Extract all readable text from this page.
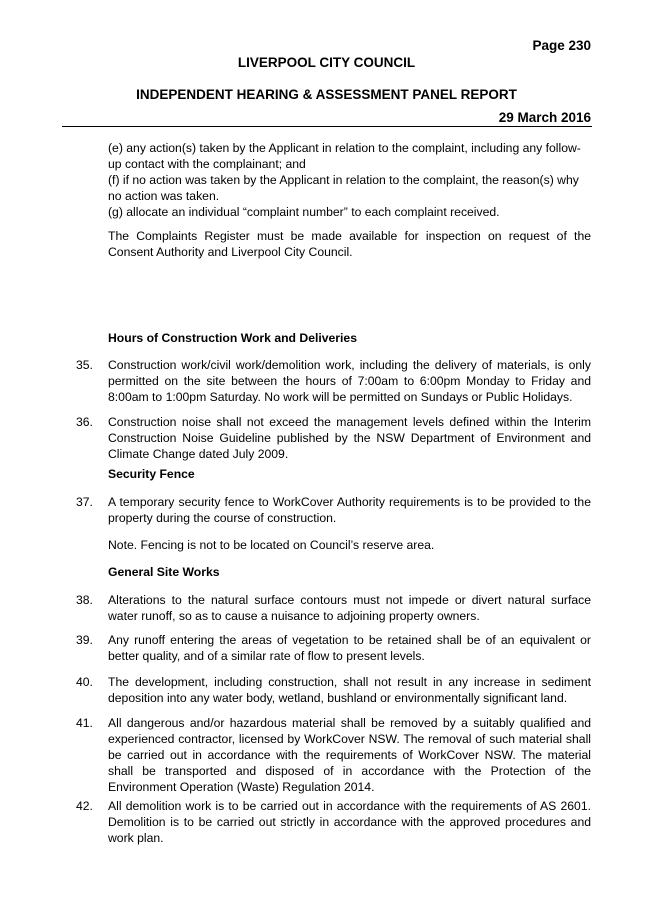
Page 230
LIVERPOOL CITY COUNCIL
INDEPENDENT HEARING & ASSESSMENT PANEL REPORT
29 March 2016
(e) any action(s) taken by the Applicant in relation to the complaint, including any follow-up contact with the complainant; and
(f) if no action was taken by the Applicant in relation to the complaint, the reason(s) why no action was taken.
(g) allocate an individual “complaint number” to each complaint received.
The Complaints Register must be made available for inspection on request of the Consent Authority and Liverpool City Council.
Hours of Construction Work and Deliveries
35. Construction work/civil work/demolition work, including the delivery of materials, is only permitted on the site between the hours of 7:00am to 6:00pm Monday to Friday and 8:00am to 1:00pm Saturday. No work will be permitted on Sundays or Public Holidays.
36. Construction noise shall not exceed the management levels defined within the Interim Construction Noise Guideline published by the NSW Department of Environment and Climate Change dated July 2009.
Security Fence
37. A temporary security fence to WorkCover Authority requirements is to be provided to the property during the course of construction.
Note. Fencing is not to be located on Council’s reserve area.
General Site Works
38. Alterations to the natural surface contours must not impede or divert natural surface water runoff, so as to cause a nuisance to adjoining property owners.
39. Any runoff entering the areas of vegetation to be retained shall be of an equivalent or better quality, and of a similar rate of flow to present levels.
40. The development, including construction, shall not result in any increase in sediment deposition into any water body, wetland, bushland or environmentally significant land.
41. All dangerous and/or hazardous material shall be removed by a suitably qualified and experienced contractor, licensed by WorkCover NSW. The removal of such material shall be carried out in accordance with the requirements of WorkCover NSW. The material shall be transported and disposed of in accordance with the Protection of the Environment Operation (Waste) Regulation 2014.
42. All demolition work is to be carried out in accordance with the requirements of AS 2601. Demolition is to be carried out strictly in accordance with the approved procedures and work plan.
